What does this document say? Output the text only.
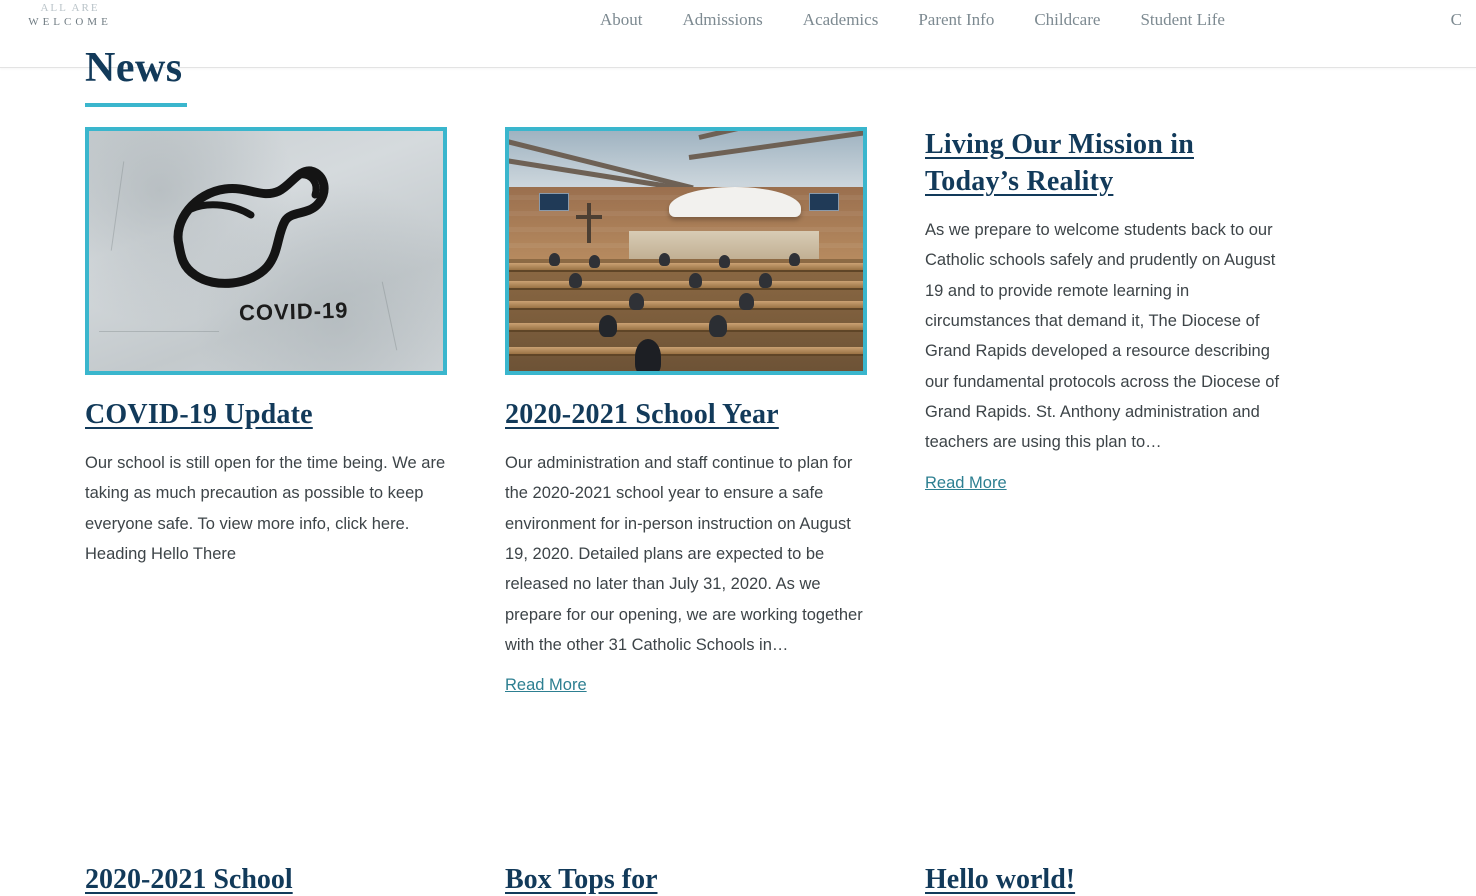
ALL ARE
WELCOME	About Admissions Academics Parent Info Childcare Student Life	C
News
COVID-19
COVID-19 Update
Our school is still open for the time being. We are taking as much precaution as possible to keep everyone safe. To view more info, click here. Heading Hello There
2020-2021 School Year
Our administration and staff continue to plan for the 2020-2021 school year to ensure a safe environment for in-person instruction on August 19, 2020. Detailed plans are expected to be released no later than July 31, 2020. As we prepare for our opening, we are working together with the other 31 Catholic Schools in…
Read More
Living Our Mission in Today’s Reality
As we prepare to welcome students back to our Catholic schools safely and prudently on August 19 and to provide remote learning in circumstances that demand it, The Diocese of Grand Rapids developed a resource describing our fundamental protocols across the Diocese of Grand Rapids. St. Anthony administration and teachers are using this plan to…
Read More
2020-2021 School	Box Tops for	Hello world!
